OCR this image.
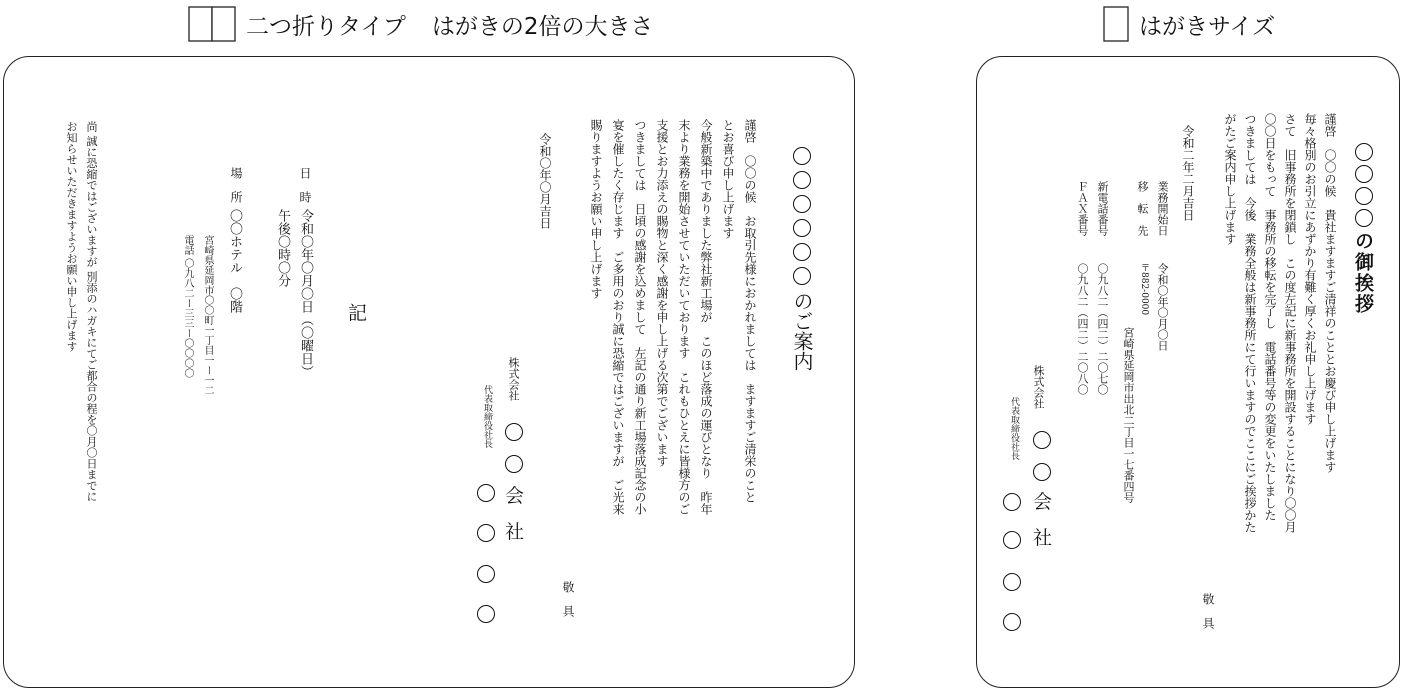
二つ折りタイプ はがきの2倍の大きさ	はがきサイズ
のご案内
謹啓　〇〇の候　お取引先様におかれましては　ますますご清栄のこと
とお喜び申し上げます
今般新築中でありました弊社新工場が　このほど落成の運びとなり　昨年
末より業務を開始させていただいております　これもひとえに皆様方のご
支援とお力添えの賜物と深く感謝を申し上げる次第でございます
つきましては　日頃の感謝を込めまして　左記の通り新工場落成記念の小
宴を催したく存じます　ご多用のおり誠に恐縮ではございますが　ご光来
賜りますようお願い申し上げます
敬　具
令和〇年〇月吉日
株式会社
代表取締役社長
会
社
記
日　時
令和〇年〇月〇日（〇曜日）
午後〇時〇分
場　所
〇〇ホテル　〇階
宮崎県延岡市〇〇町一丁目一ー一二
電話 〇九八二ー三三ー〇〇〇〇
尚 誠に恐縮ではございますが 別添のハガキにてご都合の程を〇月〇日までに
お知らせいただきますようお願い申し上げます	の御挨拶
謹啓　〇〇の候　貴社ますますご清祥のこととお慶び申し上げます
毎々格別のお引立にあずかり有難く厚くお礼申し上げます
さて　旧事務所を閉鎖し　この度左記に新事務所を開設することになり〇〇月
〇〇日をもって　事務所の移転を完了し　電話番号等の変更をいたしました
つきましては　今後　業務全般は新事務所にて行いますのでここにご挨拶かた
がたご案内申し上げます
敬　具
令和二年二月吉日
業務開始日
令和〇年〇月〇日
移　転　先
〒882-0000
宮崎県延岡市出北二丁目一七番四号
新電話番号
〇九八二（四二）二〇七〇
ＦＡＸ番号
〇九八二（四二）二〇八〇
株式会社
代表取締役社長
会
社
